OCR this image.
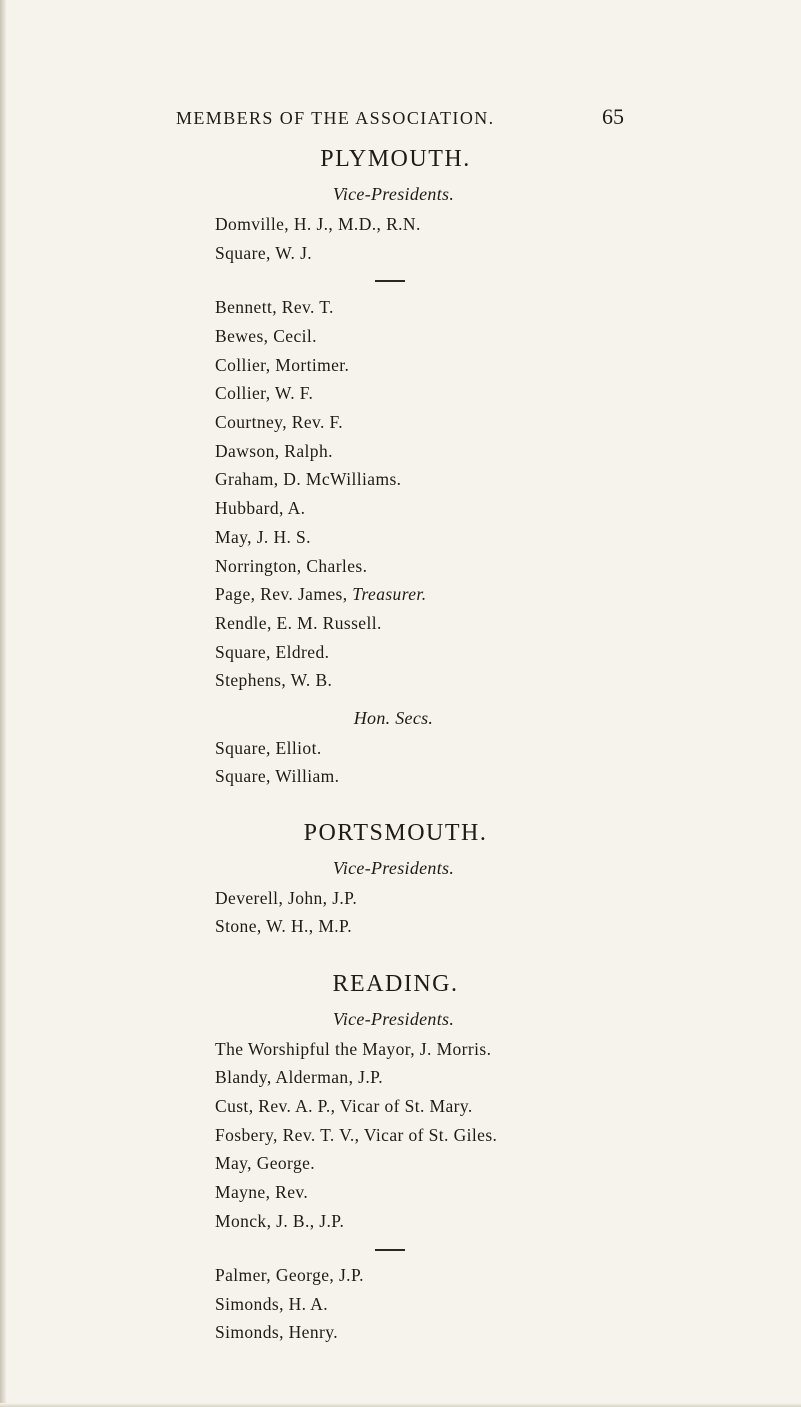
MEMBERS OF THE ASSOCIATION.	65
PLYMOUTH.
Vice-Presidents.
Domville, H. J., M.D., R.N.
Square, W. J.
Bennett, Rev. T.
Bewes, Cecil.
Collier, Mortimer.
Collier, W. F.
Courtney, Rev. F.
Dawson, Ralph.
Graham, D. McWilliams.
Hubbard, A.
May, J. H. S.
Norrington, Charles.
Page, Rev. James, Treasurer.
Rendle, E. M. Russell.
Square, Eldred.
Stephens, W. B.
Hon. Secs.
Square, Elliot.
Square, William.
PORTSMOUTH.
Vice-Presidents.
Deverell, John, J.P.
Stone, W. H., M.P.
READING.
Vice-Presidents.
The Worshipful the Mayor, J. Morris.
Blandy, Alderman, J.P.
Cust, Rev. A. P., Vicar of St. Mary.
Fosbery, Rev. T. V., Vicar of St. Giles.
May, George.
Mayne, Rev.
Monck, J. B., J.P.
Palmer, George, J.P.
Simonds, H. A.
Simonds, Henry.
